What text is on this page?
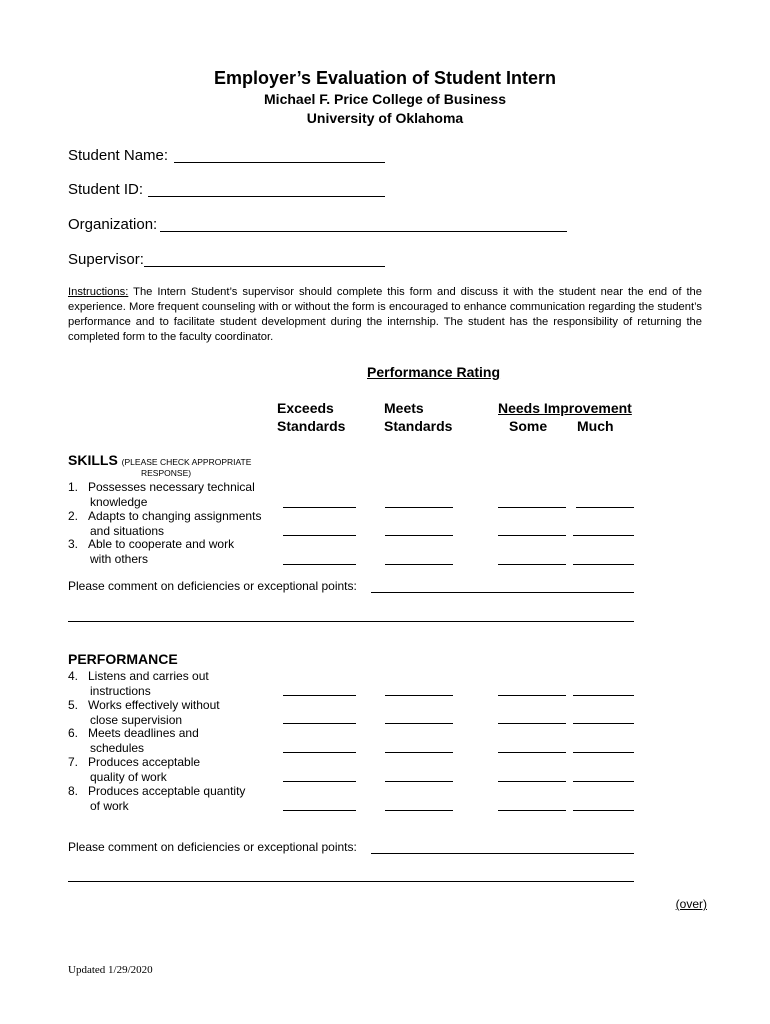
Employer’s Evaluation of Student Intern
Michael F. Price College of Business
University of Oklahoma
Student Name:
Student ID:
Organization:
Supervisor:
Instructions: The Intern Student’s supervisor should complete this form and discuss it with the student near the end of the experience. More frequent counseling with or without the form is encouraged to enhance communication regarding the student’s performance and to facilitate student development during the internship. The student has the responsibility of returning the completed form to the faculty coordinator.
Performance Rating
Exceeds
Standards
Meets
Standards
Needs Improvement
Some Much
SKILLS (PLEASE CHECK APPROPRIATE
RESPONSE)
1. Possesses necessary technical
knowledge
2. Adapts to changing assignments
and situations
3. Able to cooperate and work
with others
Please comment on deficiencies or exceptional points:
PERFORMANCE
4. Listens and carries out
instructions
5. Works effectively without
close supervision
6. Meets deadlines and
schedules
7. Produces acceptable
quality of work
8. Produces acceptable quantity
of work
Please comment on deficiencies or exceptional points:
(over)
Updated 1/29/2020
